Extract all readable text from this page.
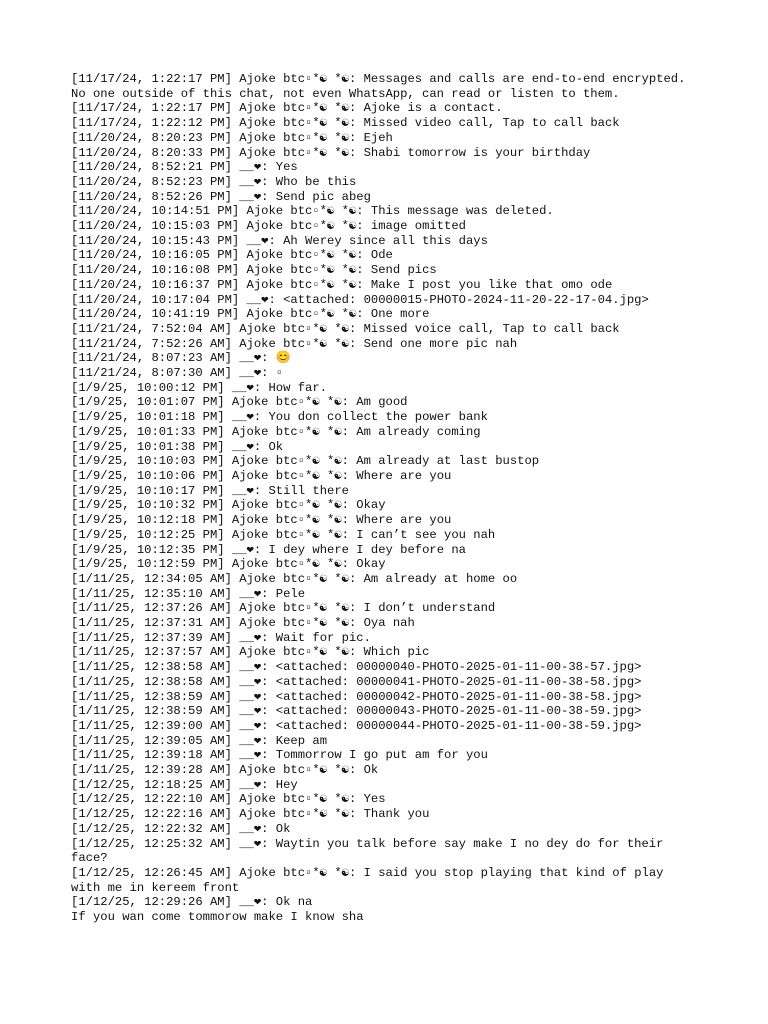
[11/17/24, 1:22:17 PM] Ajoke btc▫*☯ *☯: Messages and calls are end-to-end encrypted. No one outside of this chat, not even WhatsApp, can read or listen to them.
[11/17/24, 1:22:17 PM] Ajoke btc▫*☯ *☯: Ajoke is a contact.
[11/17/24, 1:22:12 PM] Ajoke btc▫*☯ *☯: Missed video call, Tap to call back
[11/20/24, 8:20:23 PM] Ajoke btc▫*☯ *☯: Ejeh
[11/20/24, 8:20:33 PM] Ajoke btc▫*☯ *☯: Shabi tomorrow is your birthday
[11/20/24, 8:52:21 PM] __❤: Yes
[11/20/24, 8:52:23 PM] __❤: Who be this
[11/20/24, 8:52:26 PM] __❤: Send pic abeg
[11/20/24, 10:14:51 PM] Ajoke btc▫*☯ *☯: This message was deleted.
[11/20/24, 10:15:03 PM] Ajoke btc▫*☯ *☯: image omitted
[11/20/24, 10:15:43 PM] __❤: Ah Werey since all this days
[11/20/24, 10:16:05 PM] Ajoke btc▫*☯ *☯: Ode
[11/20/24, 10:16:08 PM] Ajoke btc▫*☯ *☯: Send pics
[11/20/24, 10:16:37 PM] Ajoke btc▫*☯ *☯: Make I post you like that omo ode
[11/20/24, 10:17:04 PM] __❤: <attached: 00000015-PHOTO-2024-11-20-22-17-04.jpg>
[11/20/24, 10:41:19 PM] Ajoke btc▫*☯ *☯: One more
[11/21/24, 7:52:04 AM] Ajoke btc▫*☯ *☯: Missed voice call, Tap to call back
[11/21/24, 7:52:26 AM] Ajoke btc▫*☯ *☯: Send one more pic nah
[11/21/24, 8:07:23 AM] __❤: 😊
[11/21/24, 8:07:30 AM] __❤: ▫
[1/9/25, 10:00:12 PM] __❤: How far.
[1/9/25, 10:01:07 PM] Ajoke btc▫*☯ *☯: Am good
[1/9/25, 10:01:18 PM] __❤: You don collect the power bank
[1/9/25, 10:01:33 PM] Ajoke btc▫*☯ *☯: Am already coming
[1/9/25, 10:01:38 PM] __❤: Ok
[1/9/25, 10:10:03 PM] Ajoke btc▫*☯ *☯: Am already at last bustop
[1/9/25, 10:10:06 PM] Ajoke btc▫*☯ *☯: Where are you
[1/9/25, 10:10:17 PM] __❤: Still there
[1/9/25, 10:10:32 PM] Ajoke btc▫*☯ *☯: Okay
[1/9/25, 10:12:18 PM] Ajoke btc▫*☯ *☯: Where are you
[1/9/25, 10:12:25 PM] Ajoke btc▫*☯ *☯: I can’t see you nah
[1/9/25, 10:12:35 PM] __❤: I dey where I dey before na
[1/9/25, 10:12:59 PM] Ajoke btc▫*☯ *☯: Okay
[1/11/25, 12:34:05 AM] Ajoke btc▫*☯ *☯: Am already at home oo
[1/11/25, 12:35:10 AM] __❤: Pele
[1/11/25, 12:37:26 AM] Ajoke btc▫*☯ *☯: I don’t understand
[1/11/25, 12:37:31 AM] Ajoke btc▫*☯ *☯: Oya nah
[1/11/25, 12:37:39 AM] __❤: Wait for pic.
[1/11/25, 12:37:57 AM] Ajoke btc▫*☯ *☯: Which pic
[1/11/25, 12:38:58 AM] __❤: <attached: 00000040-PHOTO-2025-01-11-00-38-57.jpg>
[1/11/25, 12:38:58 AM] __❤: <attached: 00000041-PHOTO-2025-01-11-00-38-58.jpg>
[1/11/25, 12:38:59 AM] __❤: <attached: 00000042-PHOTO-2025-01-11-00-38-58.jpg>
[1/11/25, 12:38:59 AM] __❤: <attached: 00000043-PHOTO-2025-01-11-00-38-59.jpg>
[1/11/25, 12:39:00 AM] __❤: <attached: 00000044-PHOTO-2025-01-11-00-38-59.jpg>
[1/11/25, 12:39:05 AM] __❤: Keep am
[1/11/25, 12:39:18 AM] __❤: Tommorrow I go put am for you
[1/11/25, 12:39:28 AM] Ajoke btc▫*☯ *☯: Ok
[1/12/25, 12:18:25 AM] __❤: Hey
[1/12/25, 12:22:10 AM] Ajoke btc▫*☯ *☯: Yes
[1/12/25, 12:22:16 AM] Ajoke btc▫*☯ *☯: Thank you
[1/12/25, 12:22:32 AM] __❤: Ok
[1/12/25, 12:25:32 AM] __❤: Waytin you talk before say make I no dey do for their face?
[1/12/25, 12:26:45 AM] Ajoke btc▫*☯ *☯: I said you stop playing that kind of play with me in kereem front
[1/12/25, 12:29:26 AM] __❤: Ok na
If you wan come tommorow make I know sha
